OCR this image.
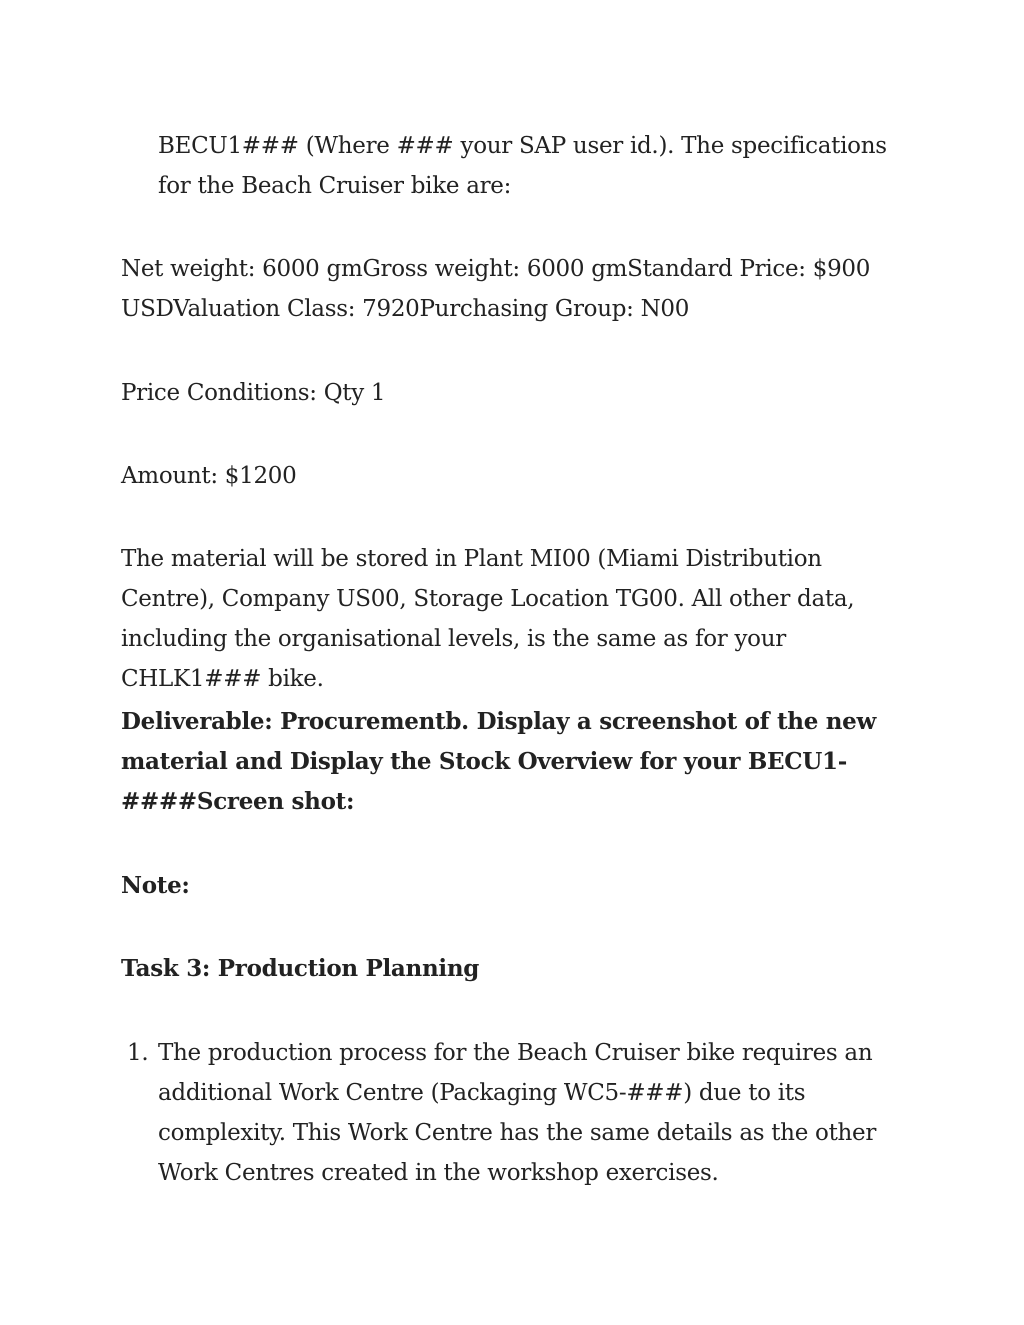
BECU1### (Where ### your SAP user id.). The specifications for the Beach Cruiser bike are:

Net weight: 6000 gmGross weight: 6000 gmStandard Price: $900 USDValuation Class: 7920Purchasing Group: N00

Price Conditions: Qty 1

Amount: $1200

The material will be stored in Plant MI00 (Miami Distribution Centre), Company US00, Storage Location TG00. All other data, including the organisational levels, is the same as for your CHLK1### bike.

Deliverable: Procurementb. Display a screenshot of the new material and Display the Stock Overview for your BECU1-####Screen shot:

Note:

Task 3: Production Planning

1. The production process for the Beach Cruiser bike requires an additional Work Centre (Packaging WC5-###) due to its complexity. This Work Centre has the same details as the other Work Centres created in the workshop exercises.
